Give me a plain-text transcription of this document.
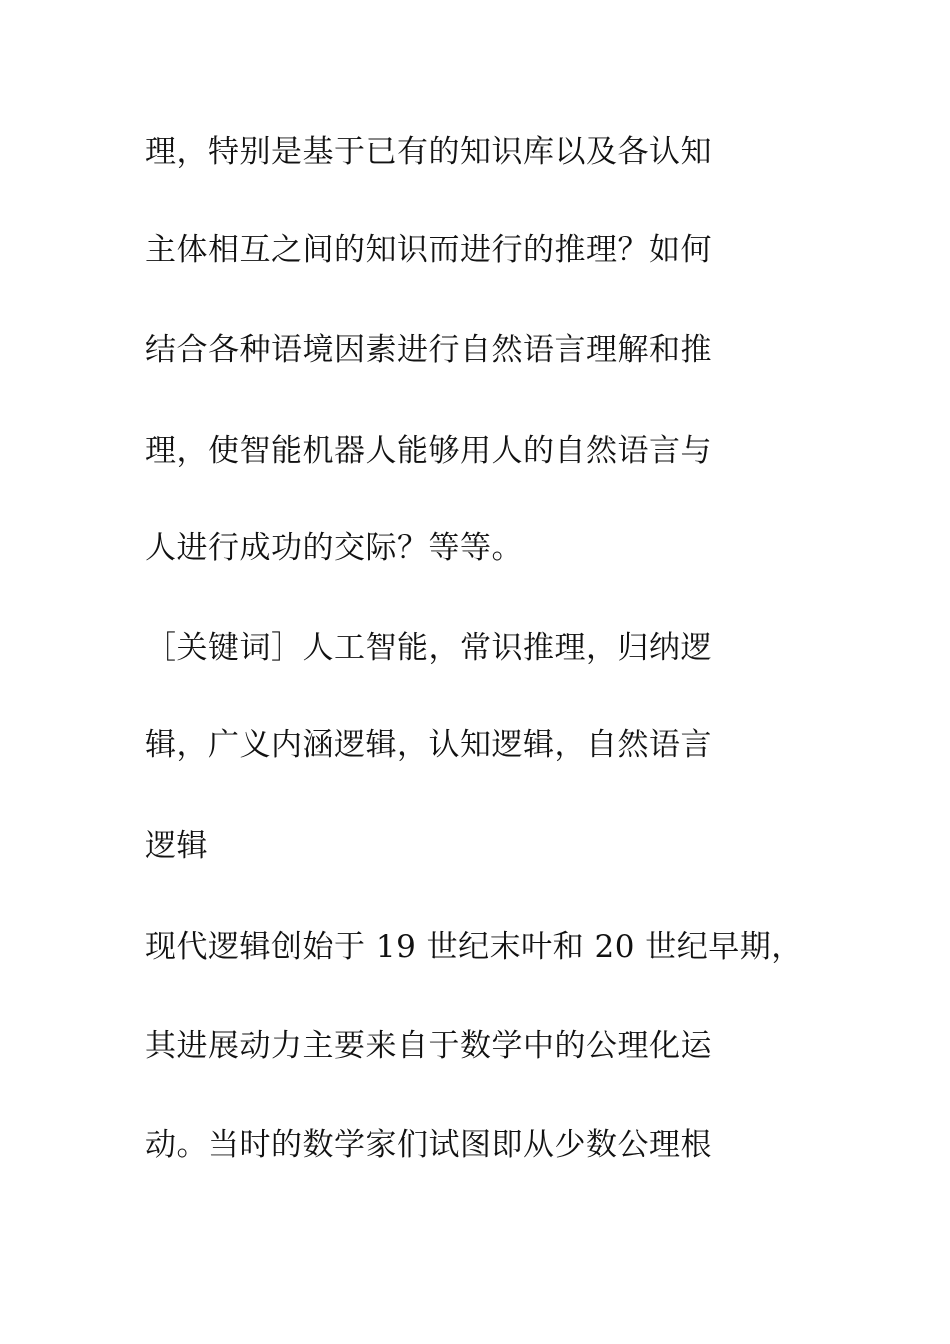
理，特别是基于已有的知识库以及各认知
主体相互之间的知识而进行的推理？如何
结合各种语境因素进行自然语言理解和推
理，使智能机器人能够用人的自然语言与
人进行成功的交际？等等。
［关键词］人工智能，常识推理，归纳逻
辑，广义内涵逻辑，认知逻辑，自然语言
逻辑
现代逻辑创始于 19 世纪末叶和 20 世纪早期，
其进展动力主要来自于数学中的公理化运
动。当时的数学家们试图即从少数公理根
